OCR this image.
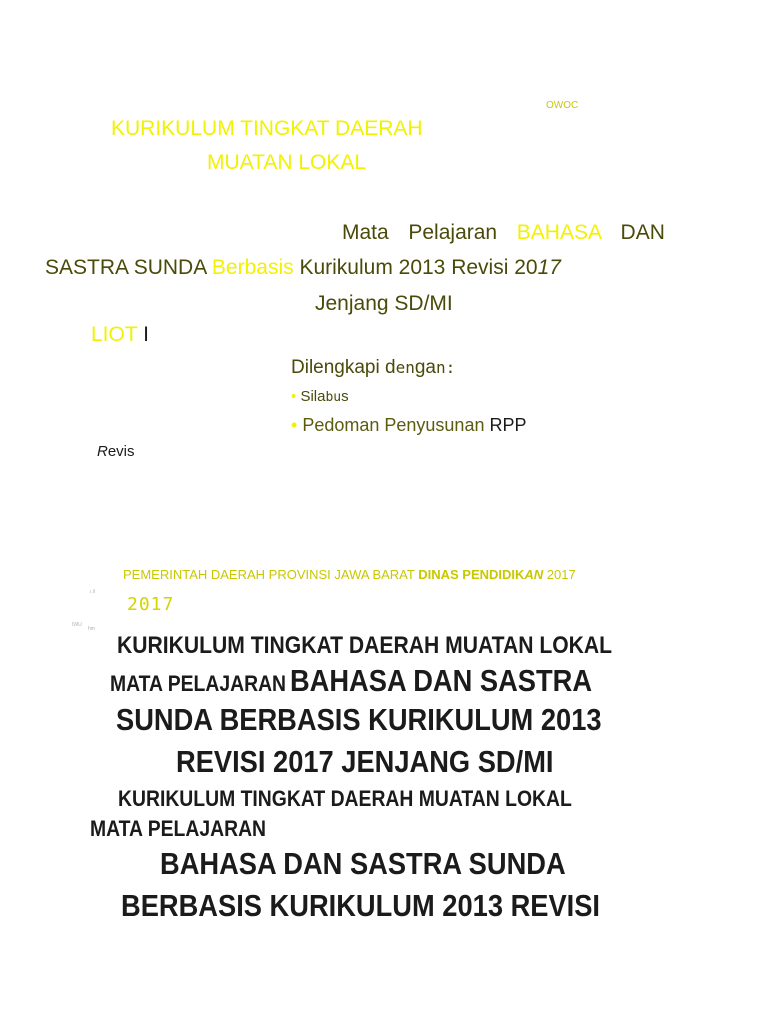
OWOC
KURIKULUM TINGKAT DAERAH
MUATAN LOKAL
Mata Pelajaran BAHASA DAN
SASTRA SUNDA Berbasis Kurikulum 2013 Revisi 2017
Jenjang SD/MI
LIOT I
Dilengkapi dengan:
• Silabus
• Pedoman Penyusunan RPP
Revis
PEMERINTAH DAERAH PROVINSI JAWA BARAT DINAS PENDIDIKAN 2017
2017
ı.il
IWU
hm
KURIKULUM TINGKAT DAERAH MUATAN LOKAL
MATA PELAJARAN BAHASA DAN SASTRA
SUNDA BERBASIS KURIKULUM 2013
REVISI 2017 JENJANG SD/MI
KURIKULUM TINGKAT DAERAH MUATAN LOKAL
MATA PELAJARAN
BAHASA DAN SASTRA SUNDA
BERBASIS KURIKULUM 2013 REVISI
